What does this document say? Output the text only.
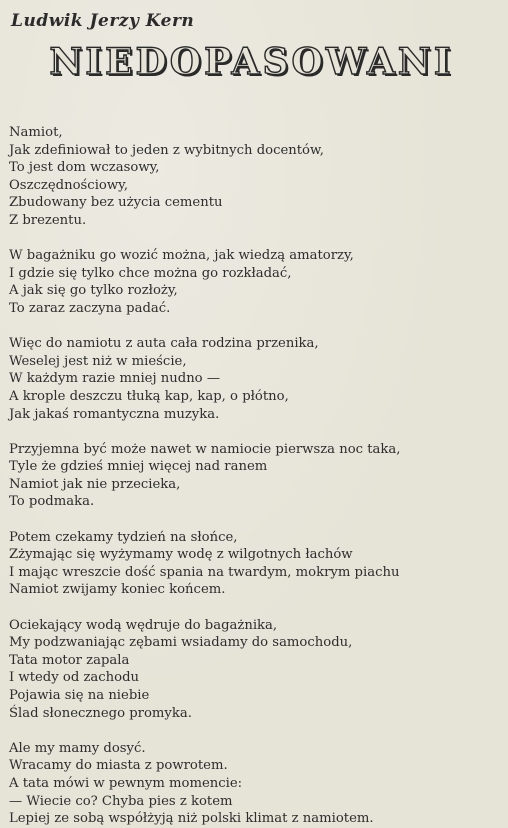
Ludwik Jerzy Kern
NIEDOPASOWANI
Namiot,
Jak zdefiniował to jeden z wybitnych docentów,
To jest dom wczasowy,
Oszczędnościowy,
Zbudowany bez użycia cementu
Z brezentu.
W bagażniku go wozić można, jak wiedzą amatorzy,
I gdzie się tylko chce można go rozkładać,
A jak się go tylko rozłoży,
To zaraz zaczyna padać.
Więc do namiotu z auta cała rodzina przenika,
Weselej jest niż w mieście,
W każdym razie mniej nudno —
A krople deszczu tłuką kap, kap, o płótno,
Jak jakaś romantyczna muzyka.
Przyjemna być może nawet w namiocie pierwsza noc taka,
Tyle że gdzieś mniej więcej nad ranem
Namiot jak nie przecieka,
To podmaka.
Potem czekamy tydzień na słońce,
Zżymając się wyżymamy wodę z wilgotnych łachów
I mając wreszcie dość spania na twardym, mokrym piachu
Namiot zwijamy koniec końcem.
Ociekający wodą wędruje do bagażnika,
My podzwaniając zębami wsiadamy do samochodu,
Tata motor zapala
I wtedy od zachodu
Pojawia się na niebie
Ślad słonecznego promyka.
Ale my mamy dosyć.
Wracamy do miasta z powrotem.
A tata mówi w pewnym momencie:
— Wiecie co? Chyba pies z kotem
Lepiej ze sobą współżyją niż polski klimat z namiotem.
